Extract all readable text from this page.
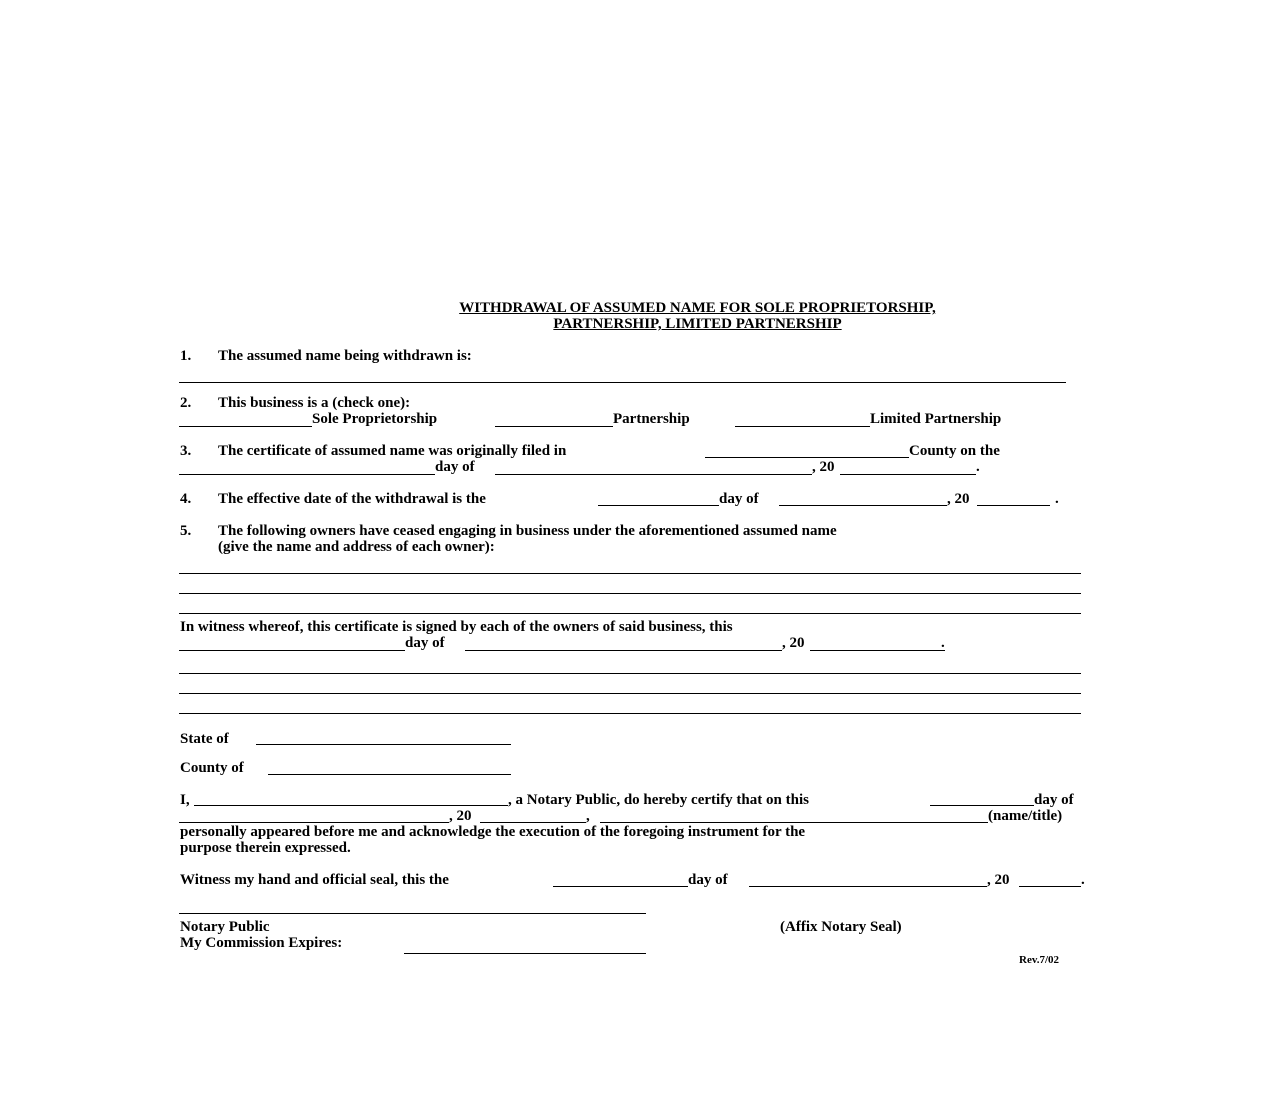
WITHDRAWAL OF ASSUMED NAME FOR SOLE PROPRIETORSHIP,
PARTNERSHIP, LIMITED PARTNERSHIP
1. The assumed name being withdrawn is:
2. This business is a (check one):
Sole Proprietorship	Partnership	Limited Partnership
3. The certificate of assumed name was originally filed in	County on the
day of	, 20	.
4. The effective date of the withdrawal is the	day of	, 20	.
5. The following owners have ceased engaging in business under the aforementioned assumed name
(give the name and address of each owner):
In witness whereof, this certificate is signed by each of the owners of said business, this
day of	, 20	.
State of
County of
I,	, a Notary Public, do hereby certify that on this	day of
, 20	,	(name/title)
personally appeared before me and acknowledge the execution of the foregoing instrument for the
purpose therein expressed.
Witness my hand and official seal, this the	day of	, 20	.
Notary Public	(Affix Notary Seal)
My Commission Expires:
Rev.7/02
